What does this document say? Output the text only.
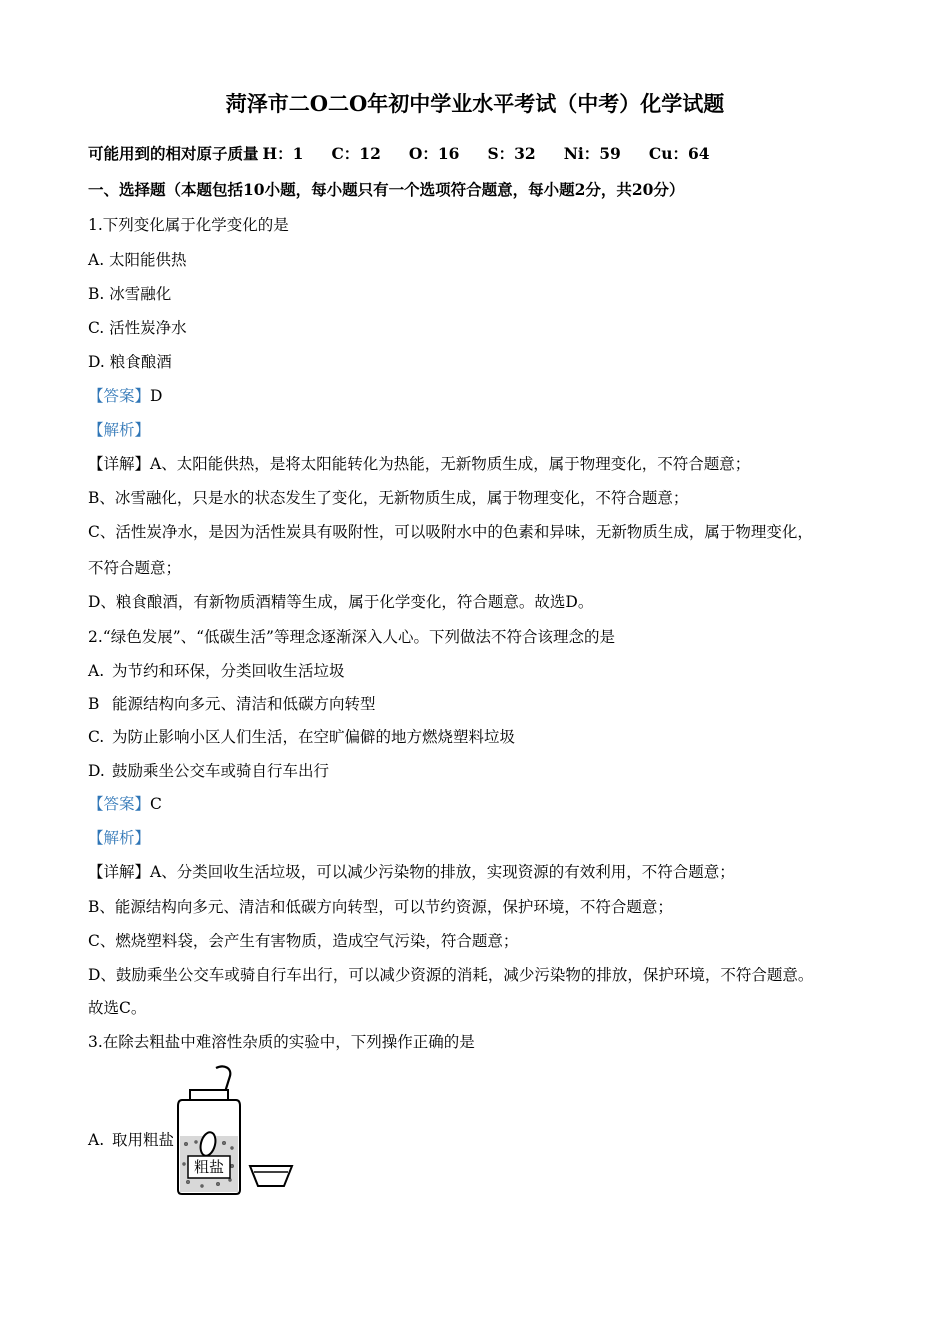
菏泽市二O二O年初中学业水平考试（中考）化学试题
可能用到的相对原子质量 H：1 C：12 O：16 S：32 Ni：59 Cu：64
一、选择题（本题包括10小题，每小题只有一个选项符合题意，每小题2分，共20分）
1.下列变化属于化学变化的是
A. 太阳能供热
B. 冰雪融化
C. 活性炭净水
D. 粮食酿酒
【答案】D
【解析】
【详解】A、太阳能供热，是将太阳能转化为热能，无新物质生成，属于物理变化，不符合题意；
B、冰雪融化，只是水的状态发生了变化，无新物质生成，属于物理变化，不符合题意；
C、活性炭净水，是因为活性炭具有吸附性，可以吸附水中的色素和异味，无新物质生成，属于物理变化，
不符合题意；
D、粮食酿酒，有新物质酒精等生成，属于化学变化，符合题意。故选D。
2.“绿色发展”、“低碳生活”等理念逐渐深入人心。下列做法不符合该理念的是
A. 为节约和环保，分类回收生活垃圾
B 能源结构向多元、清洁和低碳方向转型
C. 为防止影响小区人们生活，在空旷偏僻的地方燃烧塑料垃圾
D. 鼓励乘坐公交车或骑自行车出行
【答案】C
【解析】
【详解】A、分类回收生活垃圾，可以减少污染物的排放，实现资源的有效利用，不符合题意；
B、能源结构向多元、清洁和低碳方向转型，可以节约资源，保护环境，不符合题意；
C、燃烧塑料袋，会产生有害物质，造成空气污染，符合题意；
D、鼓励乘坐公交车或骑自行车出行，可以减少资源的消耗，减少污染物的排放，保护环境，不符合题意。
故选C。
3.在除去粗盐中难溶性杂质的实验中，下列操作正确的是
A. 取用粗盐
粗盐
